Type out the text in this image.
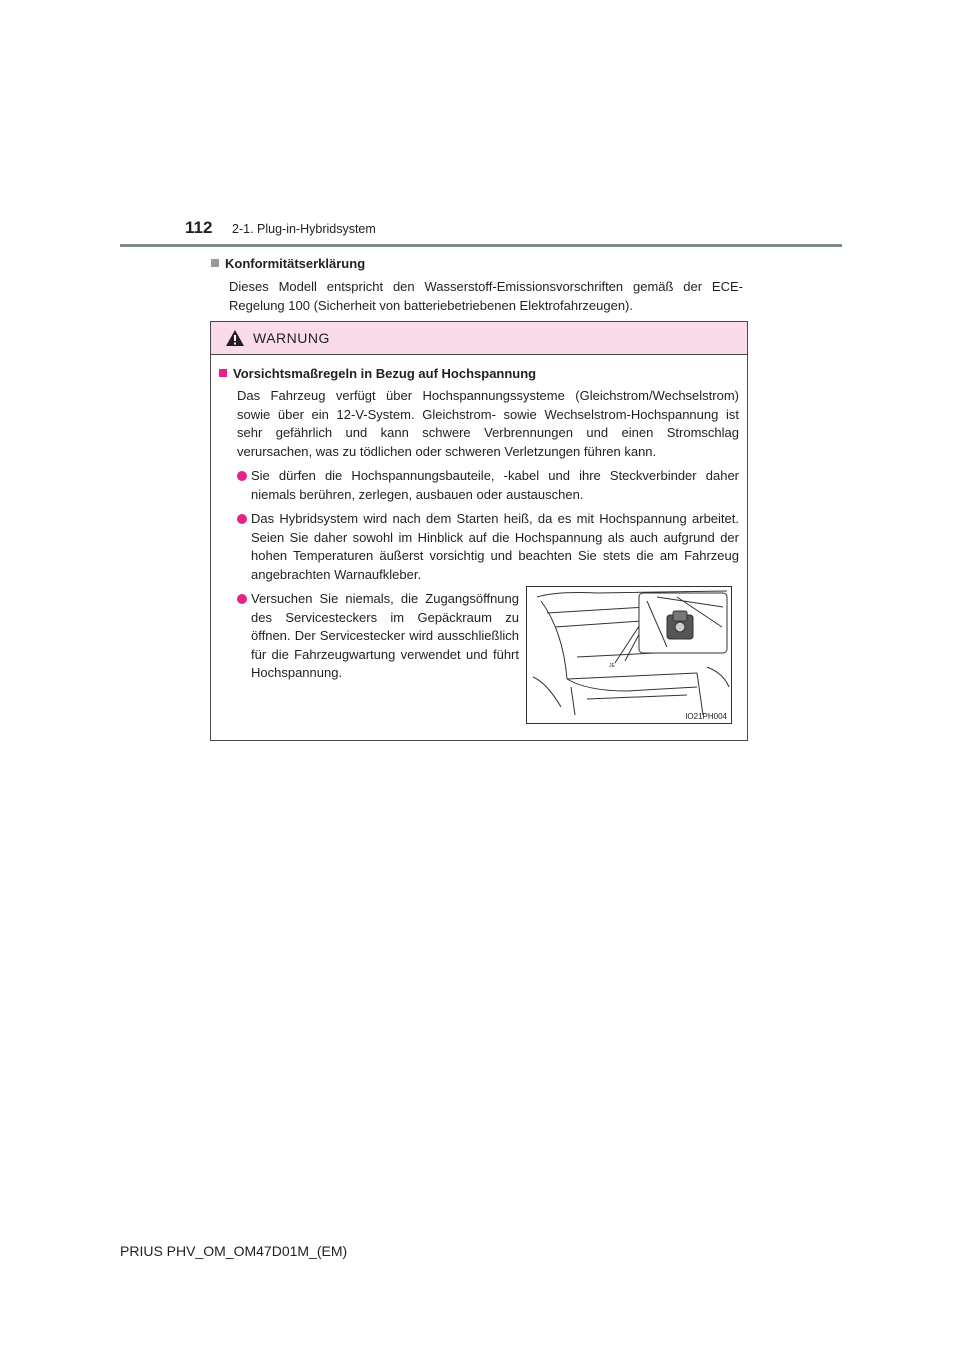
112 2-1. Plug-in-Hybridsystem
Konformitätserklärung
Dieses Modell entspricht den Wasserstoff-Emissionsvorschriften gemäß der ECE-Regelung 100 (Sicherheit von batteriebetriebenen Elektrofahrzeugen).
WARNUNG
Vorsichtsmaßregeln in Bezug auf Hochspannung
Das Fahrzeug verfügt über Hochspannungssysteme (Gleichstrom/Wechselstrom) sowie über ein 12-V-System. Gleichstrom- sowie Wechselstrom-Hochspannung ist sehr gefährlich und kann schwere Verbrennungen und einen Stromschlag verursachen, was zu tödlichen oder schweren Verletzungen führen kann.
Sie dürfen die Hochspannungsbauteile, -kabel und ihre Steckverbinder daher niemals berühren, zerlegen, ausbauen oder austauschen.
Das Hybridsystem wird nach dem Starten heiß, da es mit Hochspannung arbeitet. Seien Sie daher sowohl im Hinblick auf die Hochspannung als auch aufgrund der hohen Temperaturen äußerst vorsichtig und beachten Sie stets die am Fahrzeug angebrachten Warnaufkleber.
Versuchen Sie niemals, die Zugangsöffnung des Servicesteckers im Gepäckraum zu öffnen. Der Servicestecker wird ausschließlich für die Fahrzeugwartung verwendet und führt Hochspannung.	JE
IO21PH004
PRIUS PHV_OM_OM47D01M_(EM)
